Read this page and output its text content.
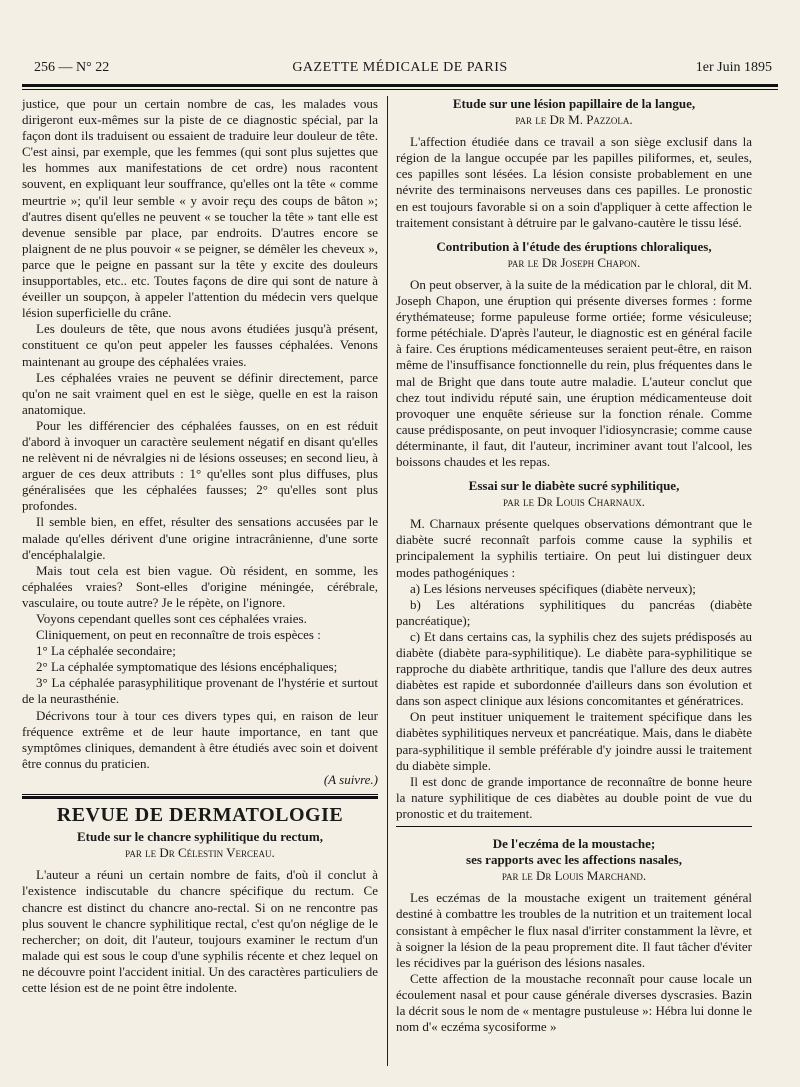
256 — N° 22	GAZETTE MÉDICALE DE PARIS	1er Juin 1895

justice, que pour un certain nombre de cas, les malades vous dirigeront eux-mêmes sur la piste de ce diagnostic spécial, par la façon dont ils traduisent ou essaient de traduire leur douleur de tête. C'est ainsi, par exemple, que les femmes (qui sont plus sujettes que les hommes aux manifestations de cet ordre) nous racontent souvent, en expliquant leur souffrance, qu'elles ont la tête « comme meurtrie »; qu'il leur semble « y avoir reçu des coups de bâton »; d'autres disent qu'elles ne peuvent « se toucher la tête » tant elle est devenue sensible par place, par endroits. D'autres encore se plaignent de ne plus pouvoir « se peigner, se démêler les cheveux », parce que le peigne en passant sur la tête y excite des douleurs insupportables, etc.. etc. Toutes façons de dire qui sont de nature à éveiller un soupçon, à appeler l'attention du médecin vers quelque lésion superficielle du crâne.

Les douleurs de tête, que nous avons étudiées jusqu'à présent, constituent ce qu'on peut appeler les fausses céphalées. Venons maintenant au groupe des céphalées vraies.

Les céphalées vraies ne peuvent se définir directement, parce qu'on ne sait vraiment quel en est le siège, quelle en est la raison anatomique.

Pour les différencier des céphalées fausses, on en est réduit d'abord à invoquer un caractère seulement négatif en disant qu'elles ne relèvent ni de névralgies ni de lésions osseuses; en second lieu, à arguer de ces deux attributs : 1° qu'elles sont plus diffuses, plus généralisées que les céphalées fausses; 2° qu'elles sont plus profondes.

Il semble bien, en effet, résulter des sensations accusées par le malade qu'elles dérivent d'une origine intracrânienne, d'une sorte d'encéphalalgie.

Mais tout cela est bien vague. Où résident, en somme, les céphalées vraies? Sont-elles d'origine méningée, cérébrale, vasculaire, ou toute autre? Je le répète, on l'ignore.

Voyons cependant quelles sont ces céphalées vraies.

Cliniquement, on peut en reconnaître de trois espèces :

1° La céphalée secondaire;

2° La céphalée symptomatique des lésions encéphaliques;

3° La céphalée parasyphilitique provenant de l'hystérie et surtout de la neurasthénie.

Décrivons tour à tour ces divers types qui, en raison de leur fréquence extrême et de leur haute importance, en tant que symptômes cliniques, demandent à être étudiés avec soin et doivent être connus du praticien.

(A suivre.)

REVUE DE DERMATOLOGIE

Etude sur le chancre syphilitique du rectum,

par le Dr Célestin Verceau.

L'auteur a réuni un certain nombre de faits, d'où il conclut à l'existence indiscutable du chancre spécifique du rectum. Ce chancre est distinct du chancre ano-rectal. Si on ne rencontre pas plus souvent le chancre syphilitique rectal, c'est qu'on néglige de le rechercher; on doit, dit l'auteur, toujours examiner le rectum d'un malade qui est sous le coup d'une syphilis récente et chez lequel on ne découvre point l'accident initial. Un des caractères particuliers de cette lésion est de ne point être indolente.

Etude sur une lésion papillaire de la langue,

par le Dr M. Pazzola.

L'affection étudiée dans ce travail a son siège exclusif dans la région de la langue occupée par les papilles piliformes, et, seules, ces papilles sont lésées. La lésion consiste probablement en une névrite des terminaisons nerveuses dans ces papilles. Le pronostic en est toujours favorable si on a soin d'appliquer à cette affection le traitement consistant à détruire par le galvano-cautère le tissu lésé.

Contribution à l'étude des éruptions chloraliques,

par le Dr Joseph Chapon.

On peut observer, à la suite de la médication par le chloral, dit M. Joseph Chapon, une éruption qui présente diverses formes : forme érythémateuse; forme papuleuse forme ortiée; forme vésiculeuse; forme pétéchiale. D'après l'auteur, le diagnostic est en général facile à faire. Ces éruptions médicamenteuses seraient peut-être, en raison même de l'insuffisance fonctionnelle du rein, plus fréquentes dans le mal de Bright que dans toute autre maladie. L'auteur conclut que chez tout individu réputé sain, une éruption médicamenteuse doit provoquer une enquête sérieuse sur la fonction rénale. Comme cause prédisposante, on peut invoquer l'idiosyncrasie; comme cause déterminante, il faut, dit l'auteur, incriminer avant tout l'alcool, les boissons chaudes et les repas.

Essai sur le diabète sucré syphilitique,

par le Dr Louis Charnaux.

M. Charnaux présente quelques observations démontrant que le diabète sucré reconnaît parfois comme cause la syphilis et principalement la syphilis tertiaire. On peut lui distinguer deux modes pathogéniques :

a) Les lésions nerveuses spécifiques (diabète nerveux);

b) Les altérations syphilitiques du pancréas (diabète pancréatique);

c) Et dans certains cas, la syphilis chez des sujets prédisposés au diabète (diabète para-syphilitique). Le diabète para-syphilitique se rapproche du diabète arthritique, tandis que l'allure des deux autres diabètes est rapide et subordonnée d'ailleurs dans son évolution et dans son aspect clinique aux lésions concomitantes et génératrices.

On peut instituer uniquement le traitement spécifique dans les diabètes syphilitiques nerveux et pancréatique. Mais, dans le diabète para-syphilitique il semble préférable d'y joindre aussi le traitement du diabète simple.

Il est donc de grande importance de reconnaître de bonne heure la nature syphilitique de ces diabètes au double point de vue du pronostic et du traitement.

De l'eczéma de la moustache;

ses rapports avec les affections nasales,

par le Dr Louis Marchand.

Les eczémas de la moustache exigent un traitement général destiné à combattre les troubles de la nutrition et un traitement local consistant à empêcher le flux nasal d'irriter constamment la lèvre, et à soigner la lésion de la peau proprement dite. Il faut tâcher d'éviter les récidives par la guérison des lésions nasales.

Cette affection de la moustache reconnaît pour cause locale un écoulement nasal et pour cause générale diverses dyscrasies. Bazin la décrit sous le nom de « mentagre pustuleuse »: Hébra lui donne le nom d'« eczéma sycosiforme »
